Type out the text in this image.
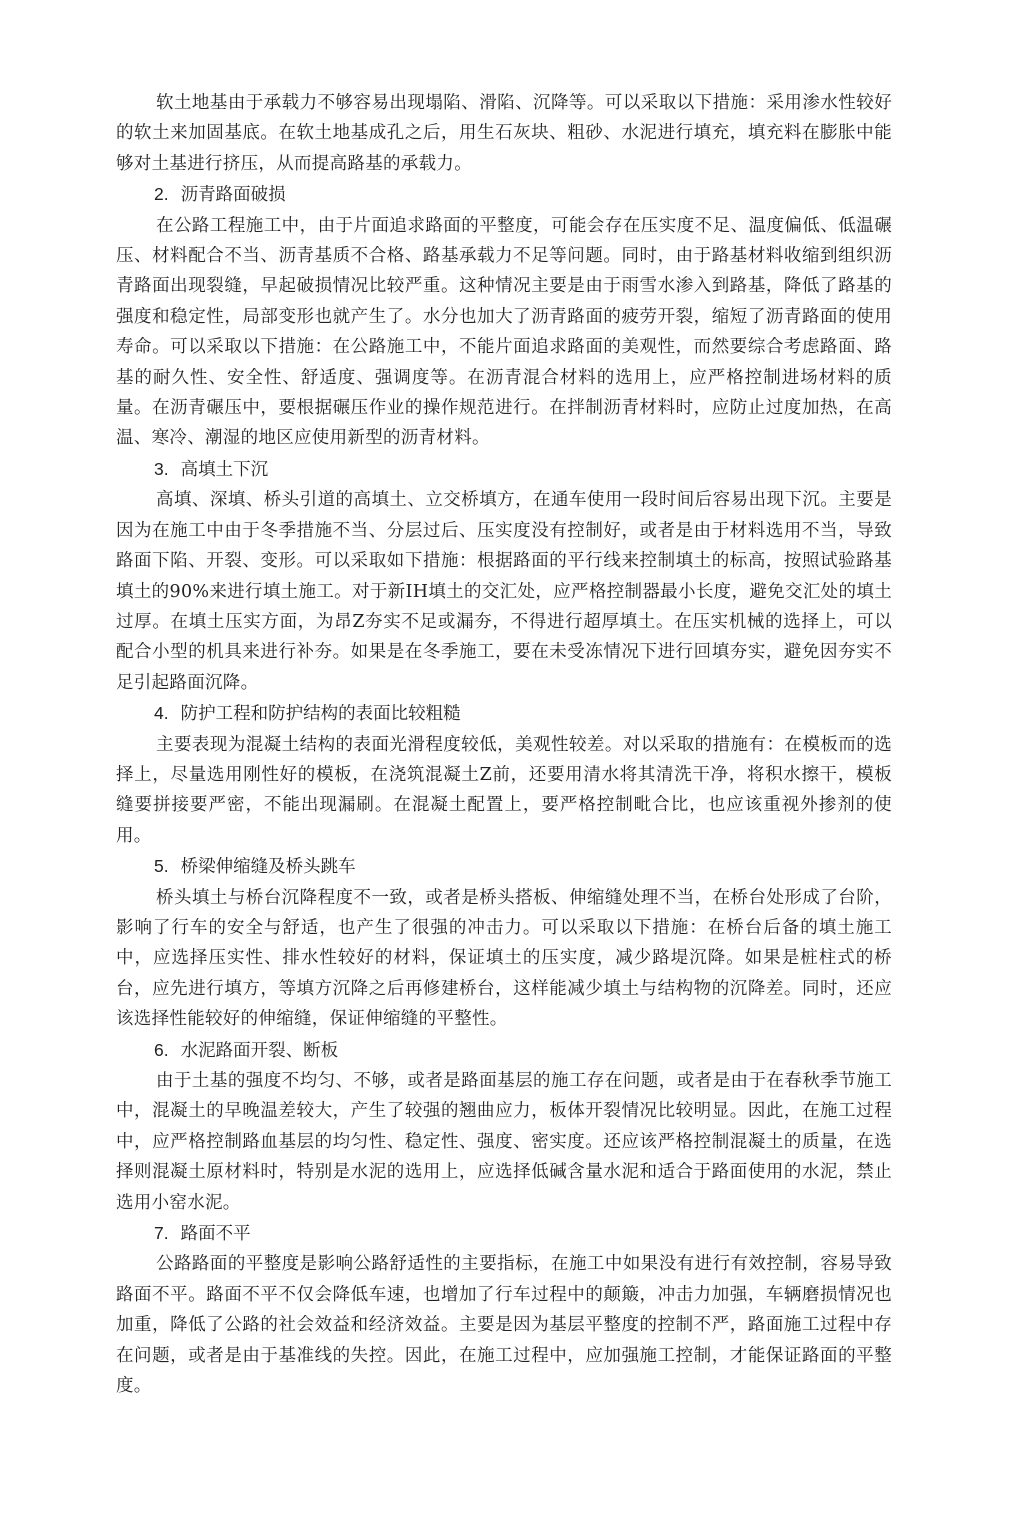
软土地基由于承载力不够容易出现塌陷、滑陷、沉降等。可以采取以下措施：采用渗水性较好的软土来加固基底。在软土地基成孔之后，用生石灰块、粗砂、水泥进行填充，填充料在膨胀中能够对土基进行挤压，从而提高路基的承载力。

2. 沥青路面破损

在公路工程施工中，由于片面追求路面的平整度，可能会存在压实度不足、温度偏低、低温碾压、材料配合不当、沥青基质不合格、路基承载力不足等问题。同时，由于路基材料收缩到组织沥青路面出现裂缝，早起破损情况比较严重。这种情况主要是由于雨雪水渗入到路基，降低了路基的强度和稳定性，局部变形也就产生了。水分也加大了沥青路面的疲劳开裂，缩短了沥青路面的使用寿命。可以采取以下措施：在公路施工中，不能片面追求路面的美观性，而然要综合考虑路面、路基的耐久性、安全性、舒适度、强调度等。在沥青混合材料的选用上，应严格控制进场材料的质量。在沥青碾压中，要根据碾压作业的操作规范进行。在拌制沥青材料时，应防止过度加热，在高温、寒冷、潮湿的地区应使用新型的沥青材料。

3. 高填土下沉

高填、深填、桥头引道的高填土、立交桥填方，在通车使用一段时间后容易出现下沉。主要是因为在施工中由于冬季措施不当、分层过后、压实度没有控制好，或者是由于材料选用不当，导致路面下陷、开裂、变形。可以采取如下措施：根据路面的平行线来控制填土的标高，按照试验路基填土的90%来进行填土施工。对于新IH填土的交汇处，应严格控制器最小长度，避免交汇处的填土过厚。在填土压实方面，为昂Z夯实不足或漏夯，不得进行超厚填土。在压实机械的选择上，可以配合小型的机具来进行补夯。如果是在冬季施工，要在未受冻情况下进行回填夯实，避免因夯实不足引起路面沉降。

4. 防护工程和防护结构的表面比较粗糙

主要表现为混凝土结构的表面光滑程度较低，美观性较差。对以采取的措施有：在模板而的选择上，尽量选用刚性好的模板，在浇筑混凝土Z前，还要用清水将其清洗干净，将积水擦干，模板缝要拼接要严密，不能出现漏刷。在混凝土配置上，要严格控制毗合比，也应该重视外掺剂的使用。

5. 桥梁伸缩缝及桥头跳车

桥头填土与桥台沉降程度不一致，或者是桥头搭板、伸缩缝处理不当，在桥台处形成了台阶，影响了行车的安全与舒适，也产生了很强的冲击力。可以采取以下措施：在桥台后备的填土施工中，应选择压实性、排水性较好的材料，保证填土的压实度，减少路堤沉降。如果是桩柱式的桥台，应先进行填方，等填方沉降之后再修建桥台，这样能减少填土与结构物的沉降差。同时，还应该选择性能较好的伸缩缝，保证伸缩缝的平整性。

6. 水泥路面开裂、断板

由于土基的强度不均匀、不够，或者是路面基层的施工存在问题，或者是由于在春秋季节施工中，混凝土的早晚温差较大，产生了较强的翘曲应力，板体开裂情况比较明显。因此，在施工过程中，应严格控制路血基层的均匀性、稳定性、强度、密实度。还应该严格控制混凝土的质量，在选择则混凝土原材料时，特别是水泥的选用上，应选择低碱含量水泥和适合于路面使用的水泥，禁止选用小窑水泥。

7. 路面不平

公路路面的平整度是影响公路舒适性的主要指标，在施工中如果没有进行有效控制，容易导致路面不平。路面不平不仅会降低车速，也增加了行车过程中的颠簸，冲击力加强，车辆磨损情况也加重，降低了公路的社会效益和经济效益。主要是因为基层平整度的控制不严，路面施工过程中存在问题，或者是由于基准线的失控。因此，在施工过程中，应加强施工控制，才能保证路面的平整度。
